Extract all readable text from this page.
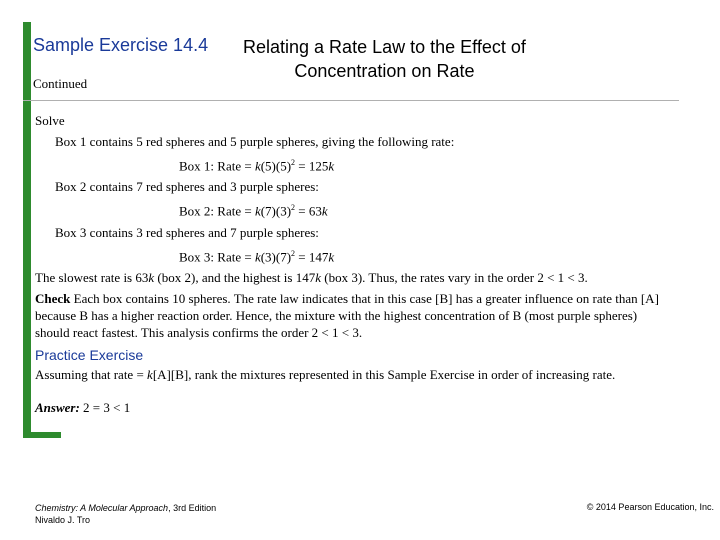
Sample Exercise 14.4 Relating a Rate Law to the Effect of
Concentration on Rate
Continued
Solve
Box 1 contains 5 red spheres and 5 purple spheres, giving the following rate:
Box 1: Rate = $k(5)(5)^2 = 125k$
Box 2 contains 7 red spheres and 3 purple spheres:
Box 2: Rate = $k(7)(3)^2 = 63k$
Box 3 contains 3 red spheres and 7 purple spheres:
Box 3: Rate = $k(3)(7)^2 = 147k$
The slowest rate is 63k (box 2), and the highest is 147k (box 3). Thus, the rates vary in the order 2 < 1 < 3.
Check Each box contains 10 spheres. The rate law indicates that in this case [B] has a greater influence on rate than [A] because B has a higher reaction order. Hence, the mixture with the highest concentration of B (most purple spheres) should react fastest. This analysis confirms the order 2 < 1 < 3.
Practice Exercise
Assuming that rate = k[A][B], rank the mixtures represented in this Sample Exercise in order of increasing rate.
Answer: 2 = 3 < 1
Chemistry: A Molecular Approach, 3rd Edition
Nivaldo J. Tro
© 2014 Pearson Education, Inc.
